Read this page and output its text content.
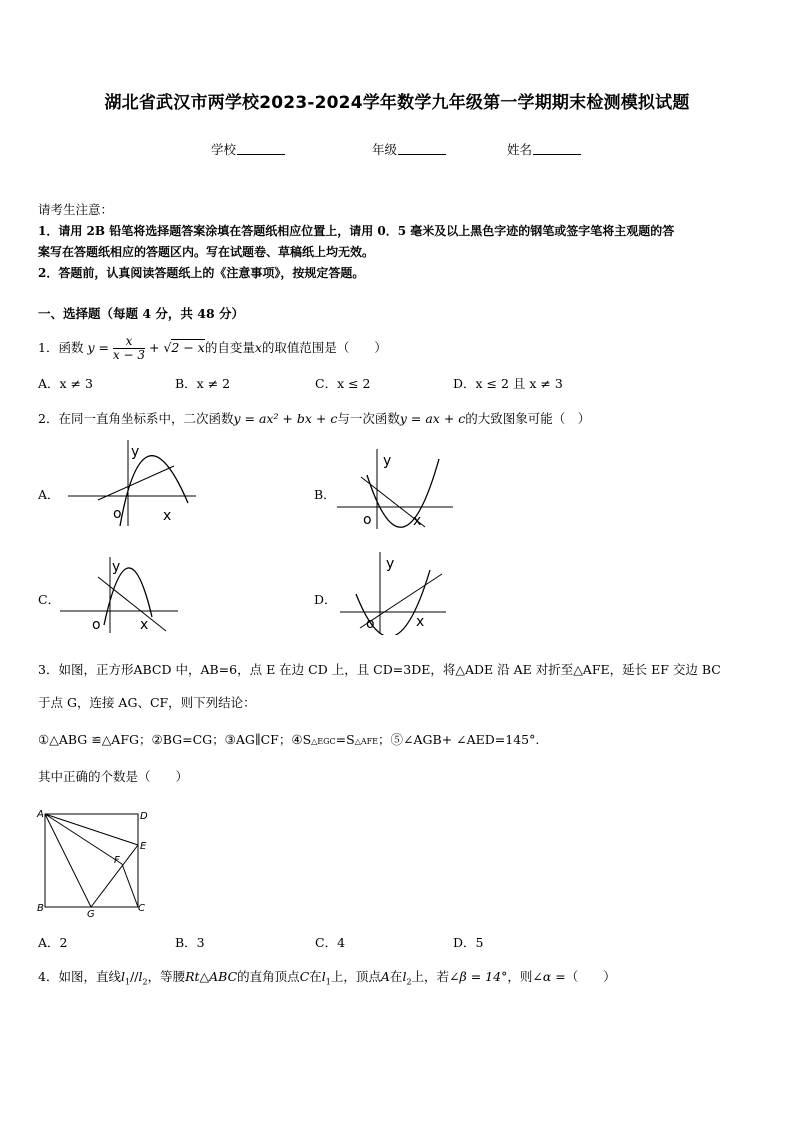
湖北省武汉市两学校2023-2024学年数学九年级第一学期期末检测模拟试题
学校	年级	姓名
请考生注意：
1．请用 2B 铅笔将选择题答案涂填在答题纸相应位置上，请用 0．5 毫米及以上黑色字迹的钢笔或签字笔将主观题的答
案写在答题纸相应的答题区内。写在试题卷、草稿纸上均无效。
2．答题前，认真阅读答题纸上的《注意事项》，按规定答题。
一、选择题（每题 4 分，共 48 分）
1．函数 $y = \frac{x}{x - 3} + √2 - x$的自变量x的取值范围是（　　）
A．x ≠ 3	B．x ≠ 2	C．x ≤ 2	D．x ≤ 2 且 x ≠ 3
2．在同一直角坐标系中，二次函数y = ax² + bx + c与一次函数y = ax + c的大致图象可能（　）
A．	B．
C．	D．
y
o	x
y
o	x
y
o	x
y
o	x
3．如图，正方形ABCD 中，AB=6，点 E 在边 CD 上，且 CD=3DE，将△ADE 沿 AE 对折至△AFE，延长 EF 交边 BC
于点 G，连接 AG、CF，则下列结论：
①△ABG ≌△AFG；②BG=CG；③AG∥CF；④S△EGC=S△AFE；⑤∠AGB+ ∠AED=145°.
其中正确的个数是（　　）
A	D
E
F
B
G
C
A．2	B．3	C．4	D．5
4．如图，直线$l_1//l_2$，等腰Rt△ABC的直角顶点C在$l_1$上，顶点A在$l_2$上，若∠β = 14°，则∠α =（　　）
